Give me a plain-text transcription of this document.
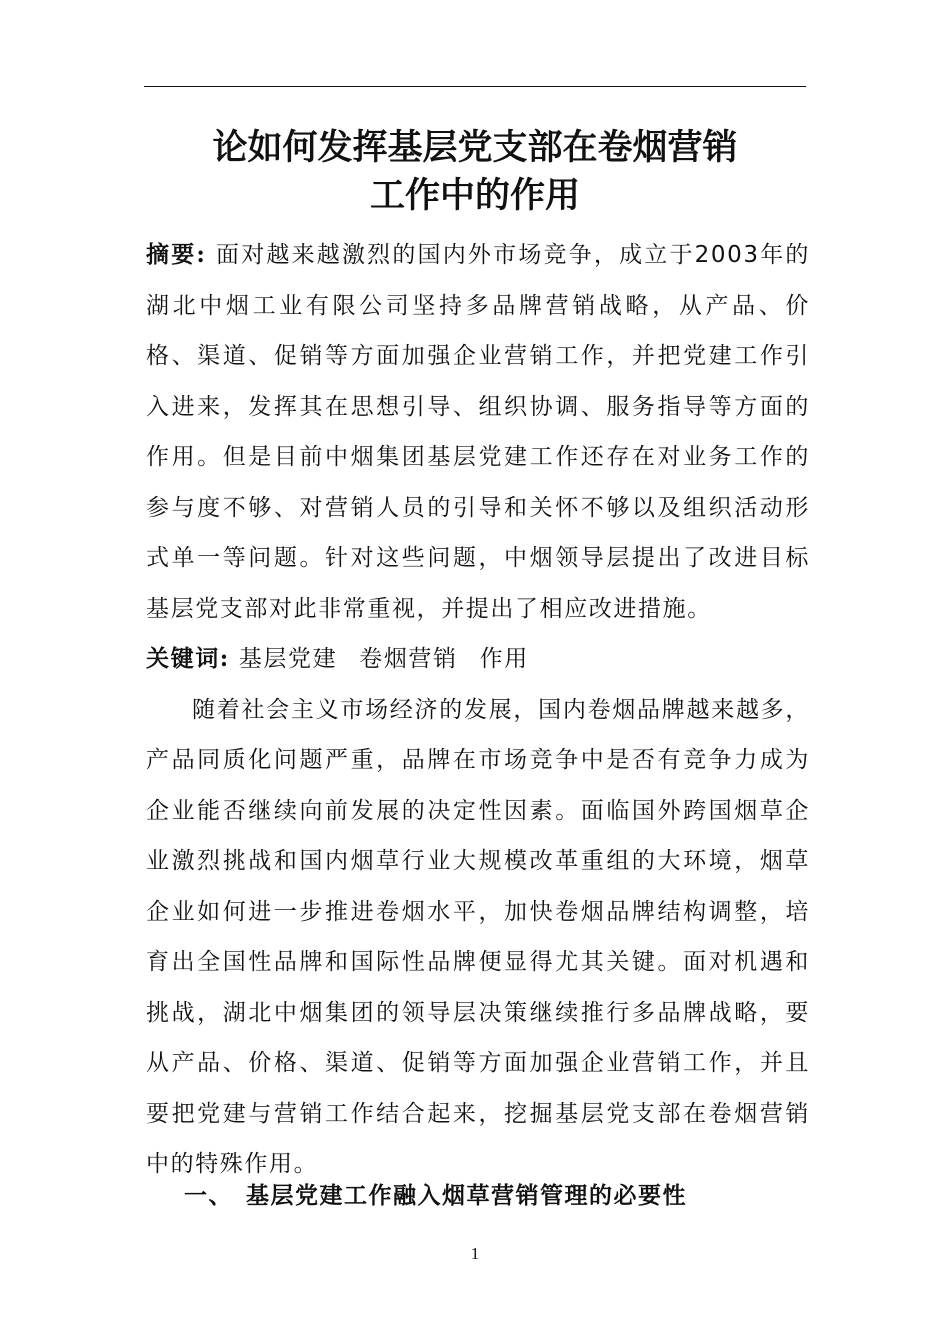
论如何发挥基层党支部在卷烟营销
工作中的作用

摘要: 面对越来越激烈的国内外市场竞争，成立于2003年的湖北中烟工业有限公司坚持多品牌营销战略，从产品、价格、渠道、促销等方面加强企业营销工作，并把党建工作引入进来，发挥其在思想引导、组织协调、服务指导等方面的作用。但是目前中烟集团基层党建工作还存在对业务工作的参与度不够、对营销人员的引导和关怀不够以及组织活动形式单一等问题。针对这些问题，中烟领导层提出了改进目标基层党支部对此非常重视，并提出了相应改进措施。

关键词: 基层党建 卷烟营销 作用

随着社会主义市场经济的发展，国内卷烟品牌越来越多，产品同质化问题严重，品牌在市场竞争中是否有竞争力成为企业能否继续向前发展的决定性因素。面临国外跨国烟草企业激烈挑战和国内烟草行业大规模改革重组的大环境，烟草企业如何进一步推进卷烟水平，加快卷烟品牌结构调整，培育出全国性品牌和国际性品牌便显得尤其关键。面对机遇和挑战，湖北中烟集团的领导层决策继续推行多品牌战略，要从产品、价格、渠道、促销等方面加强企业营销工作，并且要把党建与营销工作结合起来，挖掘基层党支部在卷烟营销中的特殊作用。

一、 基层党建工作融入烟草营销管理的必要性
1
